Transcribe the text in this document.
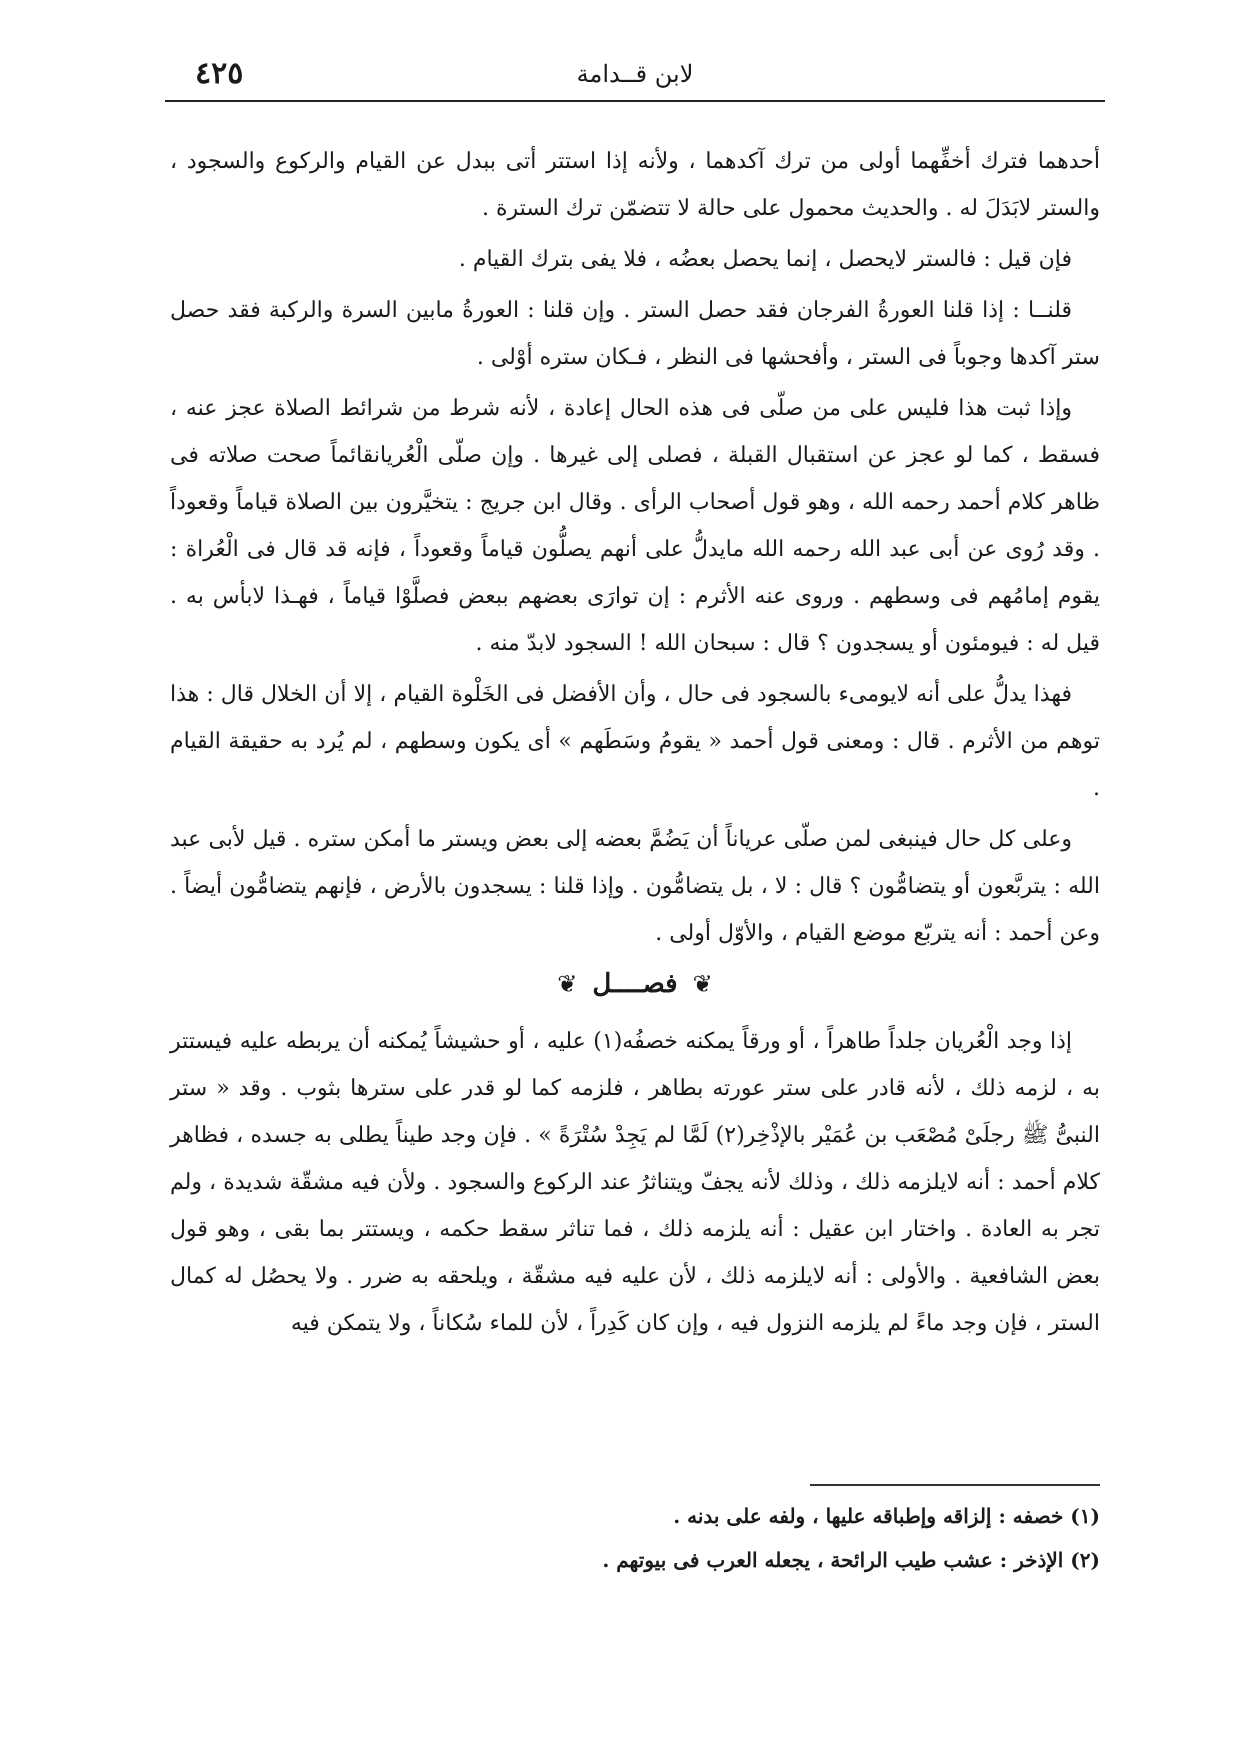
٤٢٥	لابن قــدامة

أحدهما فترك أخفِّهما أولى من ترك آكدهما ، ولأنه إذا استتر أتى ببدل عن القيام والركوع والسجود ، والستر لابَدَلَ له . والحديث محمول على حالة لا تتضمّن ترك السترة .

فإن قيل : فالستر لايحصل ، إنما يحصل بعضُه ، فلا يفى بترك القيام .

قلنــا : إذا قلنا العورةُ الفرجان فقد حصل الستر . وإن قلنا : العورةُ مابين السرة والركبة فقد حصل ستر آكدها وجوباً فى الستر ، وأفحشها فى النظر ، فـكان ستره أوْلى .

وإذا ثبت هذا فليس على من صلّى فى هذه الحال إعادة ، لأنه شرط من شرائط الصلاة عجز عنه ، فسقط ، كما لو عجز عن استقبال القبلة ، فصلى إلى غيرها . وإن صلّى الْعُريانقائماً صحت صلاته فى ظاهر كلام أحمد رحمه الله ، وهو قول أصحاب الرأى . وقال ابن جريج : يتخيَّرون بين الصلاة قياماً وقعوداً . وقد رُوى عن أبى عبد الله رحمه الله مايدلُّ على أنهم يصلُّون قياماً وقعوداً ، فإنه قد قال فى الْعُراة : يقوم إمامُهم فى وسطهم . وروى عنه الأثرم : إن توارَى بعضهم ببعض فصلَّوْا قياماً ، فهـذا لابأس به . قيل له : فيومئون أو يسجدون ؟ قال : سبحان الله ! السجود لابدّ منه .

فهذا يدلُّ على أنه لايومىء بالسجود فى حال ، وأن الأفضل فى الخَلْوة القيام ، إلا أن الخلال قال : هذا توهم من الأثرم . قال : ومعنى قول أحمد « يقومُ وسَطَهم » أى يكون وسطهم ، لم يُرد به حقيقة القيام .

وعلى كل حال فينبغى لمن صلّى عرياناً أن يَضُمَّ بعضه إلى بعض ويستر ما أمكن ستره . قيل لأبى عبد الله : يتربَّعون أو يتضامُّون ؟ قال : لا ، بل يتضامُّون . وإذا قلنا : يسجدون بالأرض ، فإنهم يتضامُّون أيضاً . وعن أحمد : أنه يتربّع موضع القيام ، والأوّل أولى .

❦ فصــــل ❦

إذا وجد الْعُريان جلداً طاهراً ، أو ورقاً يمكنه خصفُه(١) عليه ، أو حشيشاً يُمكنه أن يربطه عليه فيستتر به ، لزمه ذلك ، لأنه قادر على ستر عورته بطاهر ، فلزمه كما لو قدر على سترها بثوب . وقد « ستر النبىُّ ﷺ رجلَىْ مُصْعَب بن عُمَيْر بالإذْخِر(٢) لَمَّا لم يَجِدْ سُتْرَةً » . فإن وجد طيناً يطلى به جسده ، فظاهر كلام أحمد : أنه لايلزمه ذلك ، وذلك لأنه يجفّ ويتناثرُ عند الركوع والسجود . ولأن فيه مشقّة شديدة ، ولم تجر به العادة . واختار ابن عقيل : أنه يلزمه ذلك ، فما تناثر سقط حكمه ، ويستتر بما بقى ، وهو قول بعض الشافعية . والأولى : أنه لايلزمه ذلك ، لأن عليه فيه مشقّة ، ويلحقه به ضرر . ولا يحصُل له كمال الستر ، فإن وجد ماءً لم يلزمه النزول فيه ، وإن كان كَدِراً ، لأن للماء سُكاناً ، ولا يتمكن فيه

(١) خصفه : إلزاقه وإطباقه عليها ، ولفه على بدنه .
(٢) الإذخر : عشب طيب الرائحة ، يجعله العرب فى بيوتهم .
